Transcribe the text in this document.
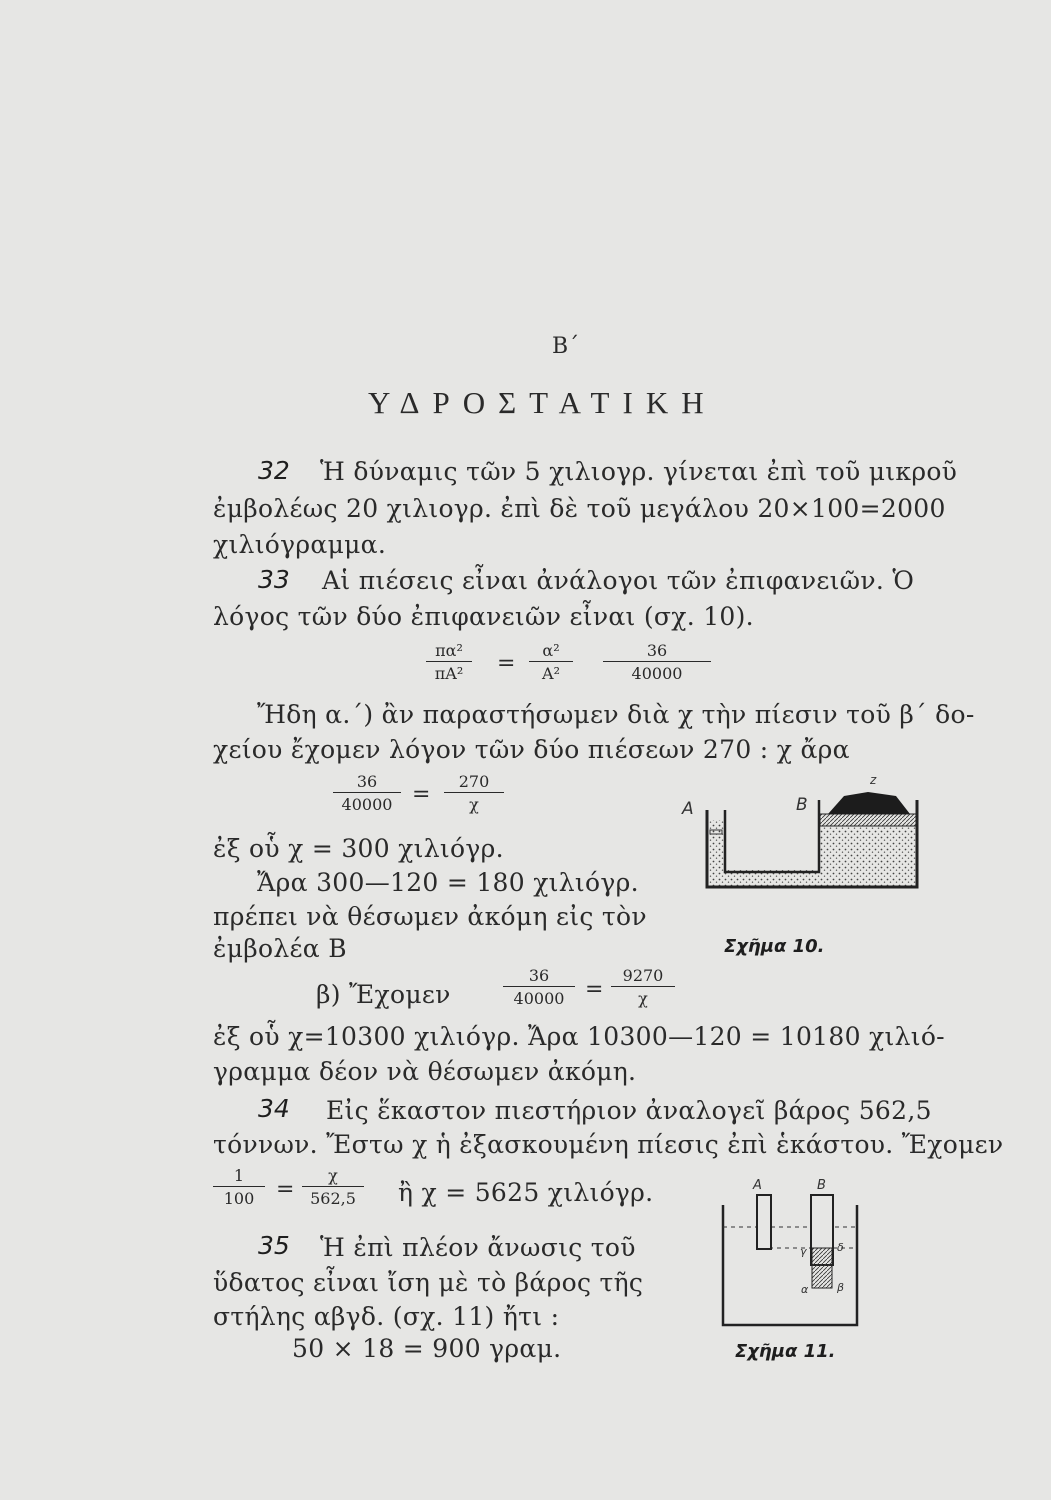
Β΄
ΥΔΡΟΣΤΑΤΙΚΗ
32 Ἡ δύναμις τῶν 5 χιλιογρ. γίνεται ἐπὶ τοῦ μικροῦ
ἐμβολέως 20 χιλιογρ. ἐπὶ δὲ τοῦ μεγάλου 20×100=2000
χιλιόγραμμα.
33 Αἱ πιέσεις εἶναι ἀνάλογοι τῶν ἐπιφανειῶν. Ὁ
λόγος τῶν δύο ἐπιφανειῶν εἶναι (σχ. 10).
$\frac{\text{πα²}}{\text{πΑ²}} = \frac{\text{α²}}{\text{Α²}} \frac{36}{40000}$
Ἤδη α.΄) ἂν παραστήσωμεν διὰ χ τὴν πίεσιν τοῦ β΄ δο-
χείου ἔχομεν λόγον τῶν δύο πιέσεων 270 : χ ἄρα
$\frac{36}{40000} = \frac{270}{\chi}$
ἐξ οὗ χ = 300 χιλιόγρ.
Ἄρα 300—120 = 180 χιλιόγρ.
πρέπει νὰ θέσωμεν ἀκόμη εἰς τὸν
ἐμβολέα Β
β) Ἔχομεν	$\frac{36}{40000} = \frac{9270}{\chi}$
ἐξ οὗ χ=10300 χιλιόγρ. Ἄρα 10300—120 = 10180 χιλιό-
γραμμα δέον νὰ θέσωμεν ἀκόμη.
A	B
z
Σχῆμα 10.
34 Εἰς ἕκαστον πιεστήριον ἀναλογεῖ βάρος 562,5
τόννων. Ἔστω χ ἡ ἐξασκουμένη πίεσις ἐπὶ ἑκάστου. Ἔχομεν
$\frac{1}{100} = \frac{\chi}{562,5}$ ἢ χ = 5625 χιλιόγρ.
35 Ἡ ἐπὶ πλέον ἄνωσις τοῦ
ὕδατος εἶναι ἴση μὲ τὸ βάρος τῆς
στήλης αβγδ. (σχ. 11) ἤτι :
50 × 18 = 900 γραμ.
A	B
γ	δ
α	β
Σχῆμα 11.
